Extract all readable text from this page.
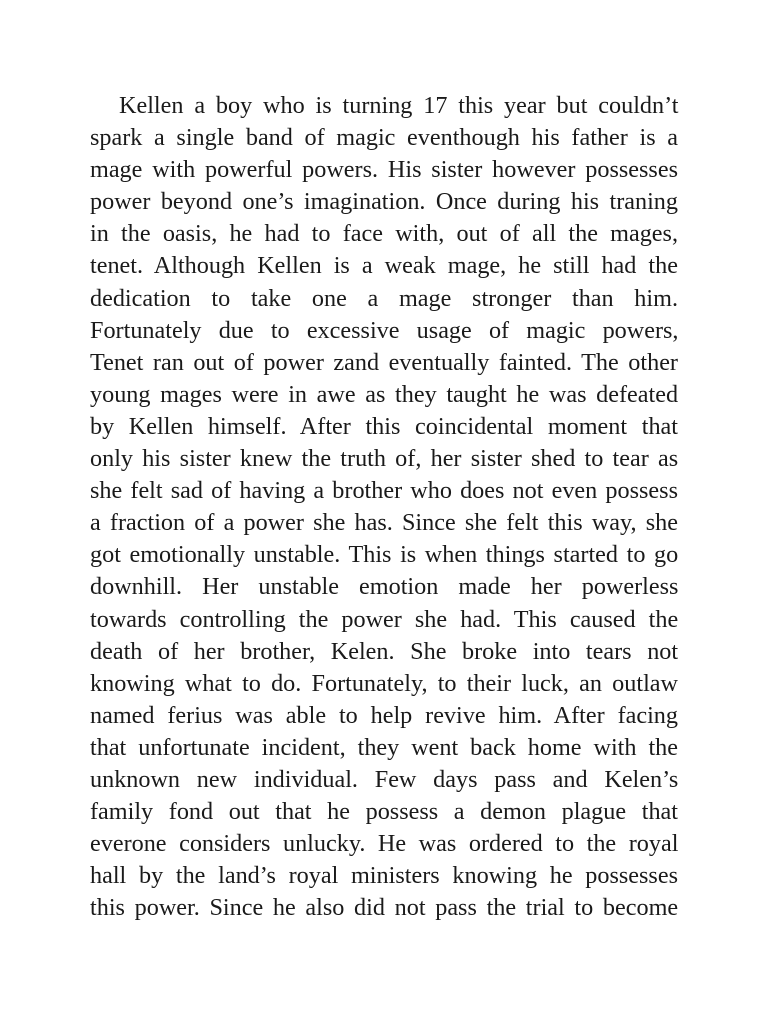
Kellen a boy who is turning 17 this year but couldn’t
spark a single band of magic eventhough his father is a
mage with powerful powers. His sister however possesses
power beyond one’s imagination. Once during his traning
in the oasis, he had to face with, out of all the mages,
tenet. Although Kellen is a weak mage, he still had the
dedication to take one a mage stronger than him.
Fortunately due to excessive usage of magic powers,
Tenet ran out of power zand eventually fainted. The other
young mages were in awe as they taught he was defeated
by Kellen himself. After this coincidental moment that
only his sister knew the truth of, her sister shed to tear as
she felt sad of having a brother who does not even possess
a fraction of a power she has. Since she felt this way, she
got emotionally unstable. This is when things started to go
downhill. Her unstable emotion made her powerless
towards controlling the power she had. This caused the
death of her brother, Kelen. She broke into tears not
knowing what to do. Fortunately, to their luck, an outlaw
named ferius was able to help revive him. After facing
that unfortunate incident, they went back home with the
unknown new individual. Few days pass and Kelen’s
family fond out that he possess a demon plague that
everone considers unlucky. He was ordered to the royal
hall by the land’s royal ministers knowing he possesses
this power. Since he also did not pass the trial to become
